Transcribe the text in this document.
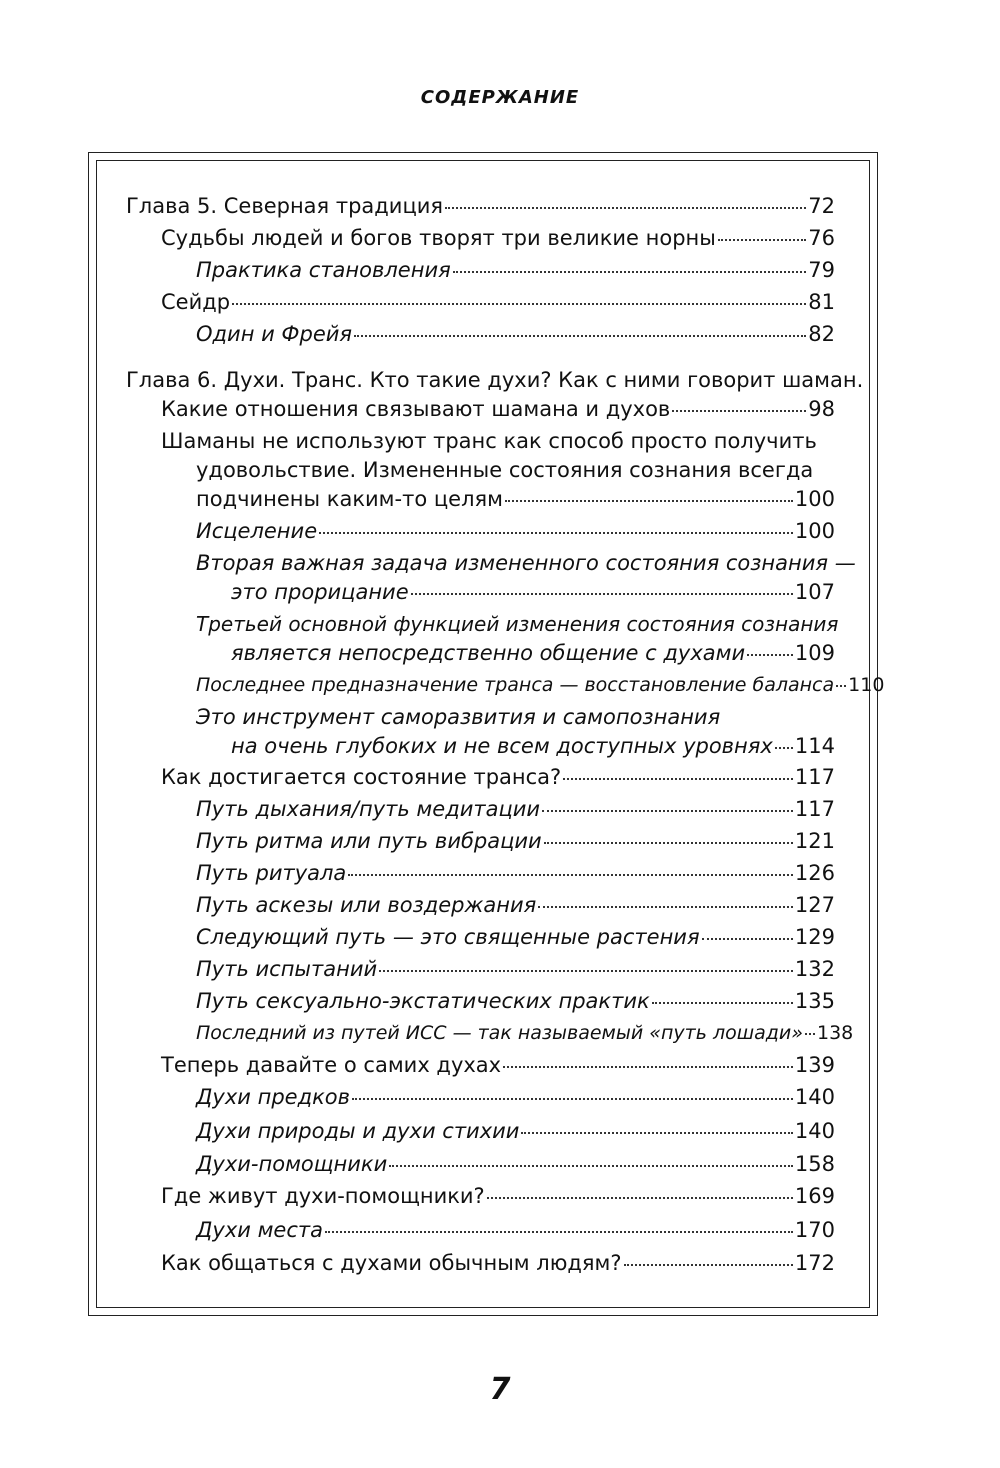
содержание
Глава 5. Северная традиция	72
Судьбы людей и богов творят три великие норны	76
Практика становления	79
Сейдр	81
Один и Фрейя	82
Глава 6. Духи. Транс. Кто такие духи? Как с ними говорит шаман.
Какие отношения связывают шамана и духов	98
Шаманы не используют транс как способ просто получить
удовольствие. Измененные состояния сознания всегда
подчинены каким-то целям	100
Исцеление	100
Вторая важная задача измененного состояния сознания —
это прорицание	107
Третьей основной функцией изменения состояния сознания
является непосредственно общение с духами 109
Последнее предназначение транса — восстановление баланса 110
Это инструмент саморазвития и самопознания
на очень глубоких и не всем доступных уровнях 114
Как достигается состояние транса?	117
Путь дыхания/путь медитации	117
Путь ритма или путь вибрации	121
Путь ритуала	126
Путь аскезы или воздержания	127
Следующий путь — это священные растения	129
Путь испытаний	132
Путь сексуально-экстатических практик	135
Последний из путей ИСС — так называемый «путь лошади» 138
Теперь давайте о самих духах	139
Духи предков	140
Духи природы и духи стихии	140
Духи-помощники	158
Где живут духи-помощники?	169
Духи места	170
Как общаться с духами обычным людям?	172
7
